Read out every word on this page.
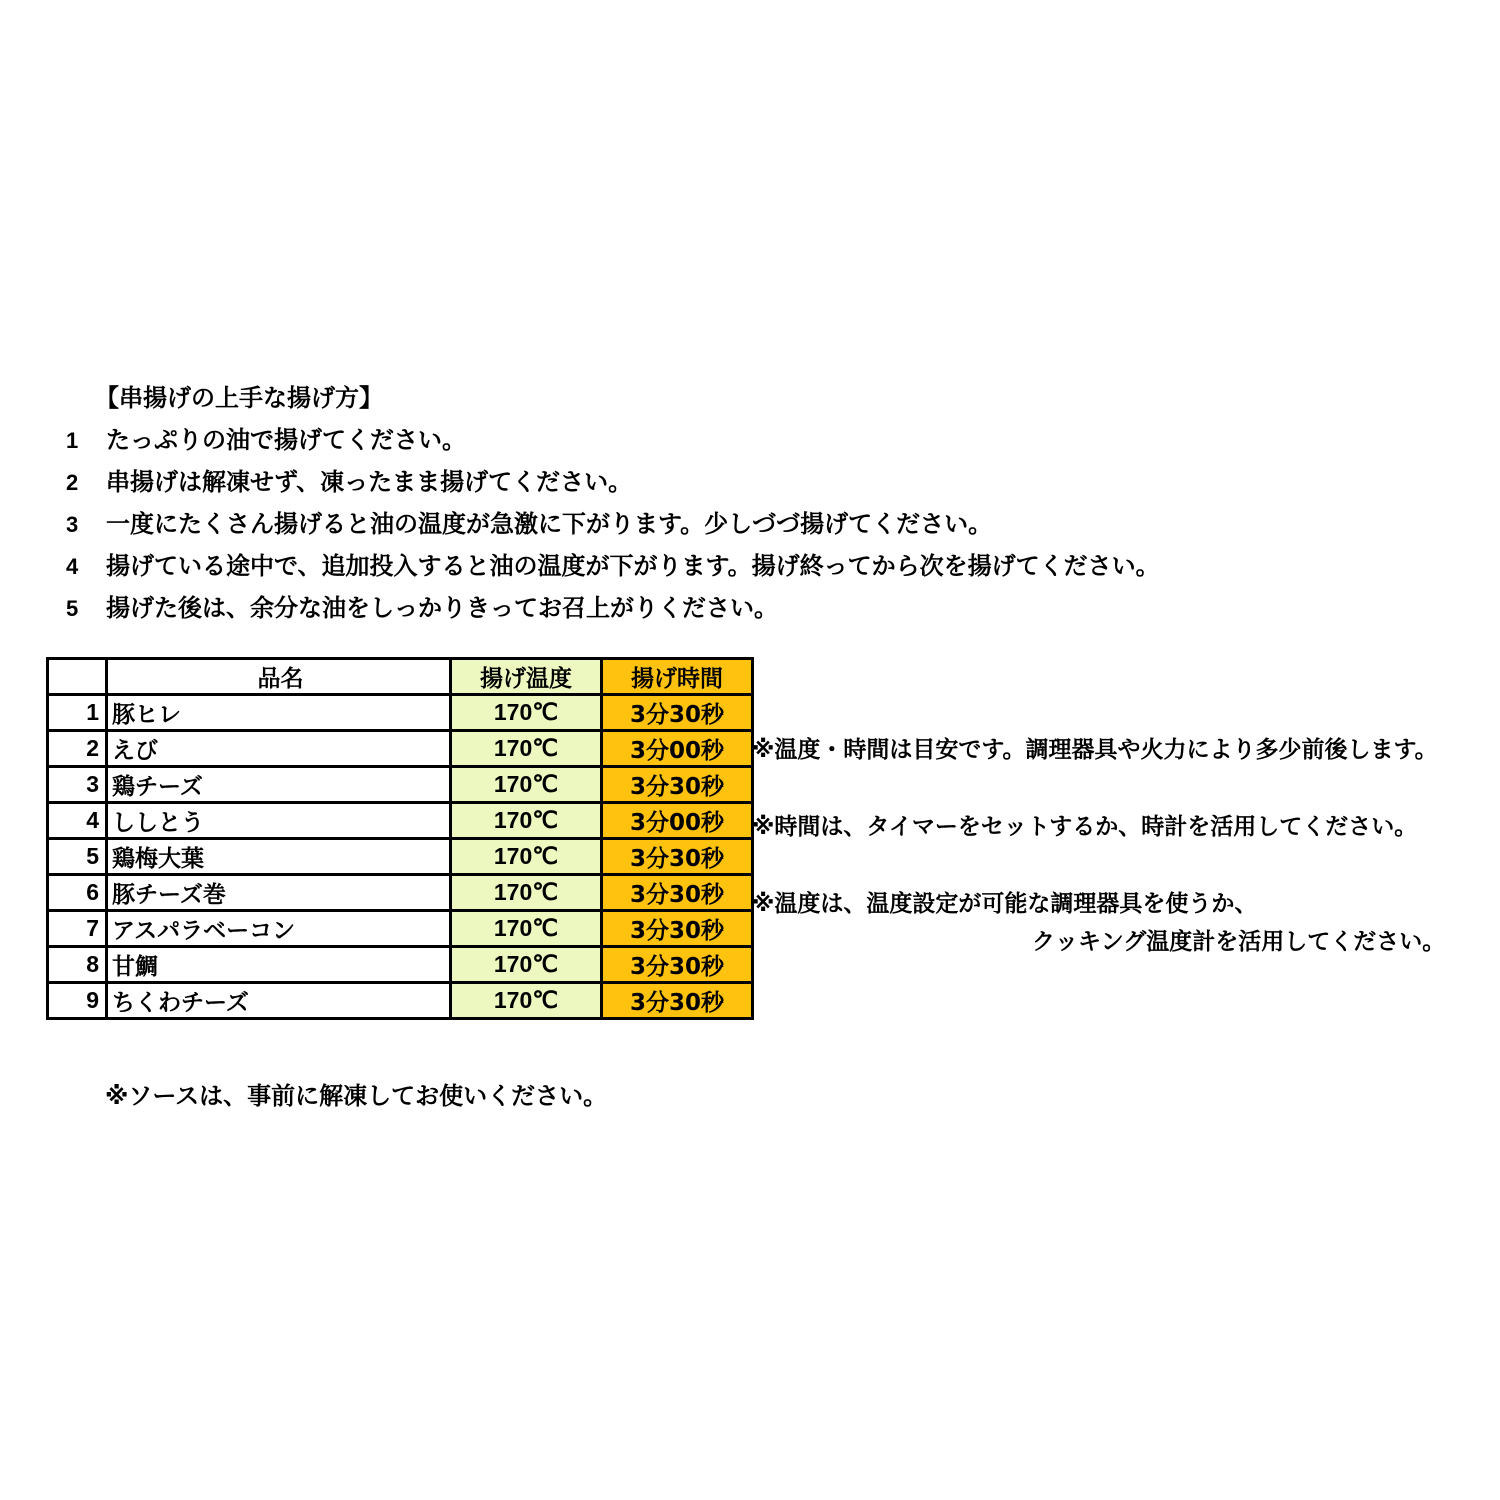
【串揚げの上手な揚げ方】
1 たっぷりの油で揚げてください。
2 串揚げは解凍せず、凍ったまま揚げてください。
3 一度にたくさん揚げると油の温度が急激に下がります。少しづづ揚げてください。
4 揚げている途中で、追加投入すると油の温度が下がります。揚げ終ってから次を揚げてください。
5 揚げた後は、余分な油をしっかりきってお召上がりください。
	品名	揚げ温度	揚げ時間
1	豚ヒレ	170℃	3分30秒
2	えび	170℃	3分00秒
3	鶏チーズ	170℃	3分30秒
4	ししとう	170℃	3分00秒
5	鶏梅大葉	170℃	3分30秒
6	豚チーズ巻	170℃	3分30秒
7	アスパラベーコン	170℃	3分30秒
8	甘鯛	170℃	3分30秒
9	ちくわチーズ	170℃	3分30秒
※温度・時間は目安です。調理器具や火力により多少前後します。
※時間は、タイマーをセットするか、時計を活用してください。
※温度は、温度設定が可能な調理器具を使うか、
クッキング温度計を活用してください。
※ソースは、事前に解凍してお使いください。
